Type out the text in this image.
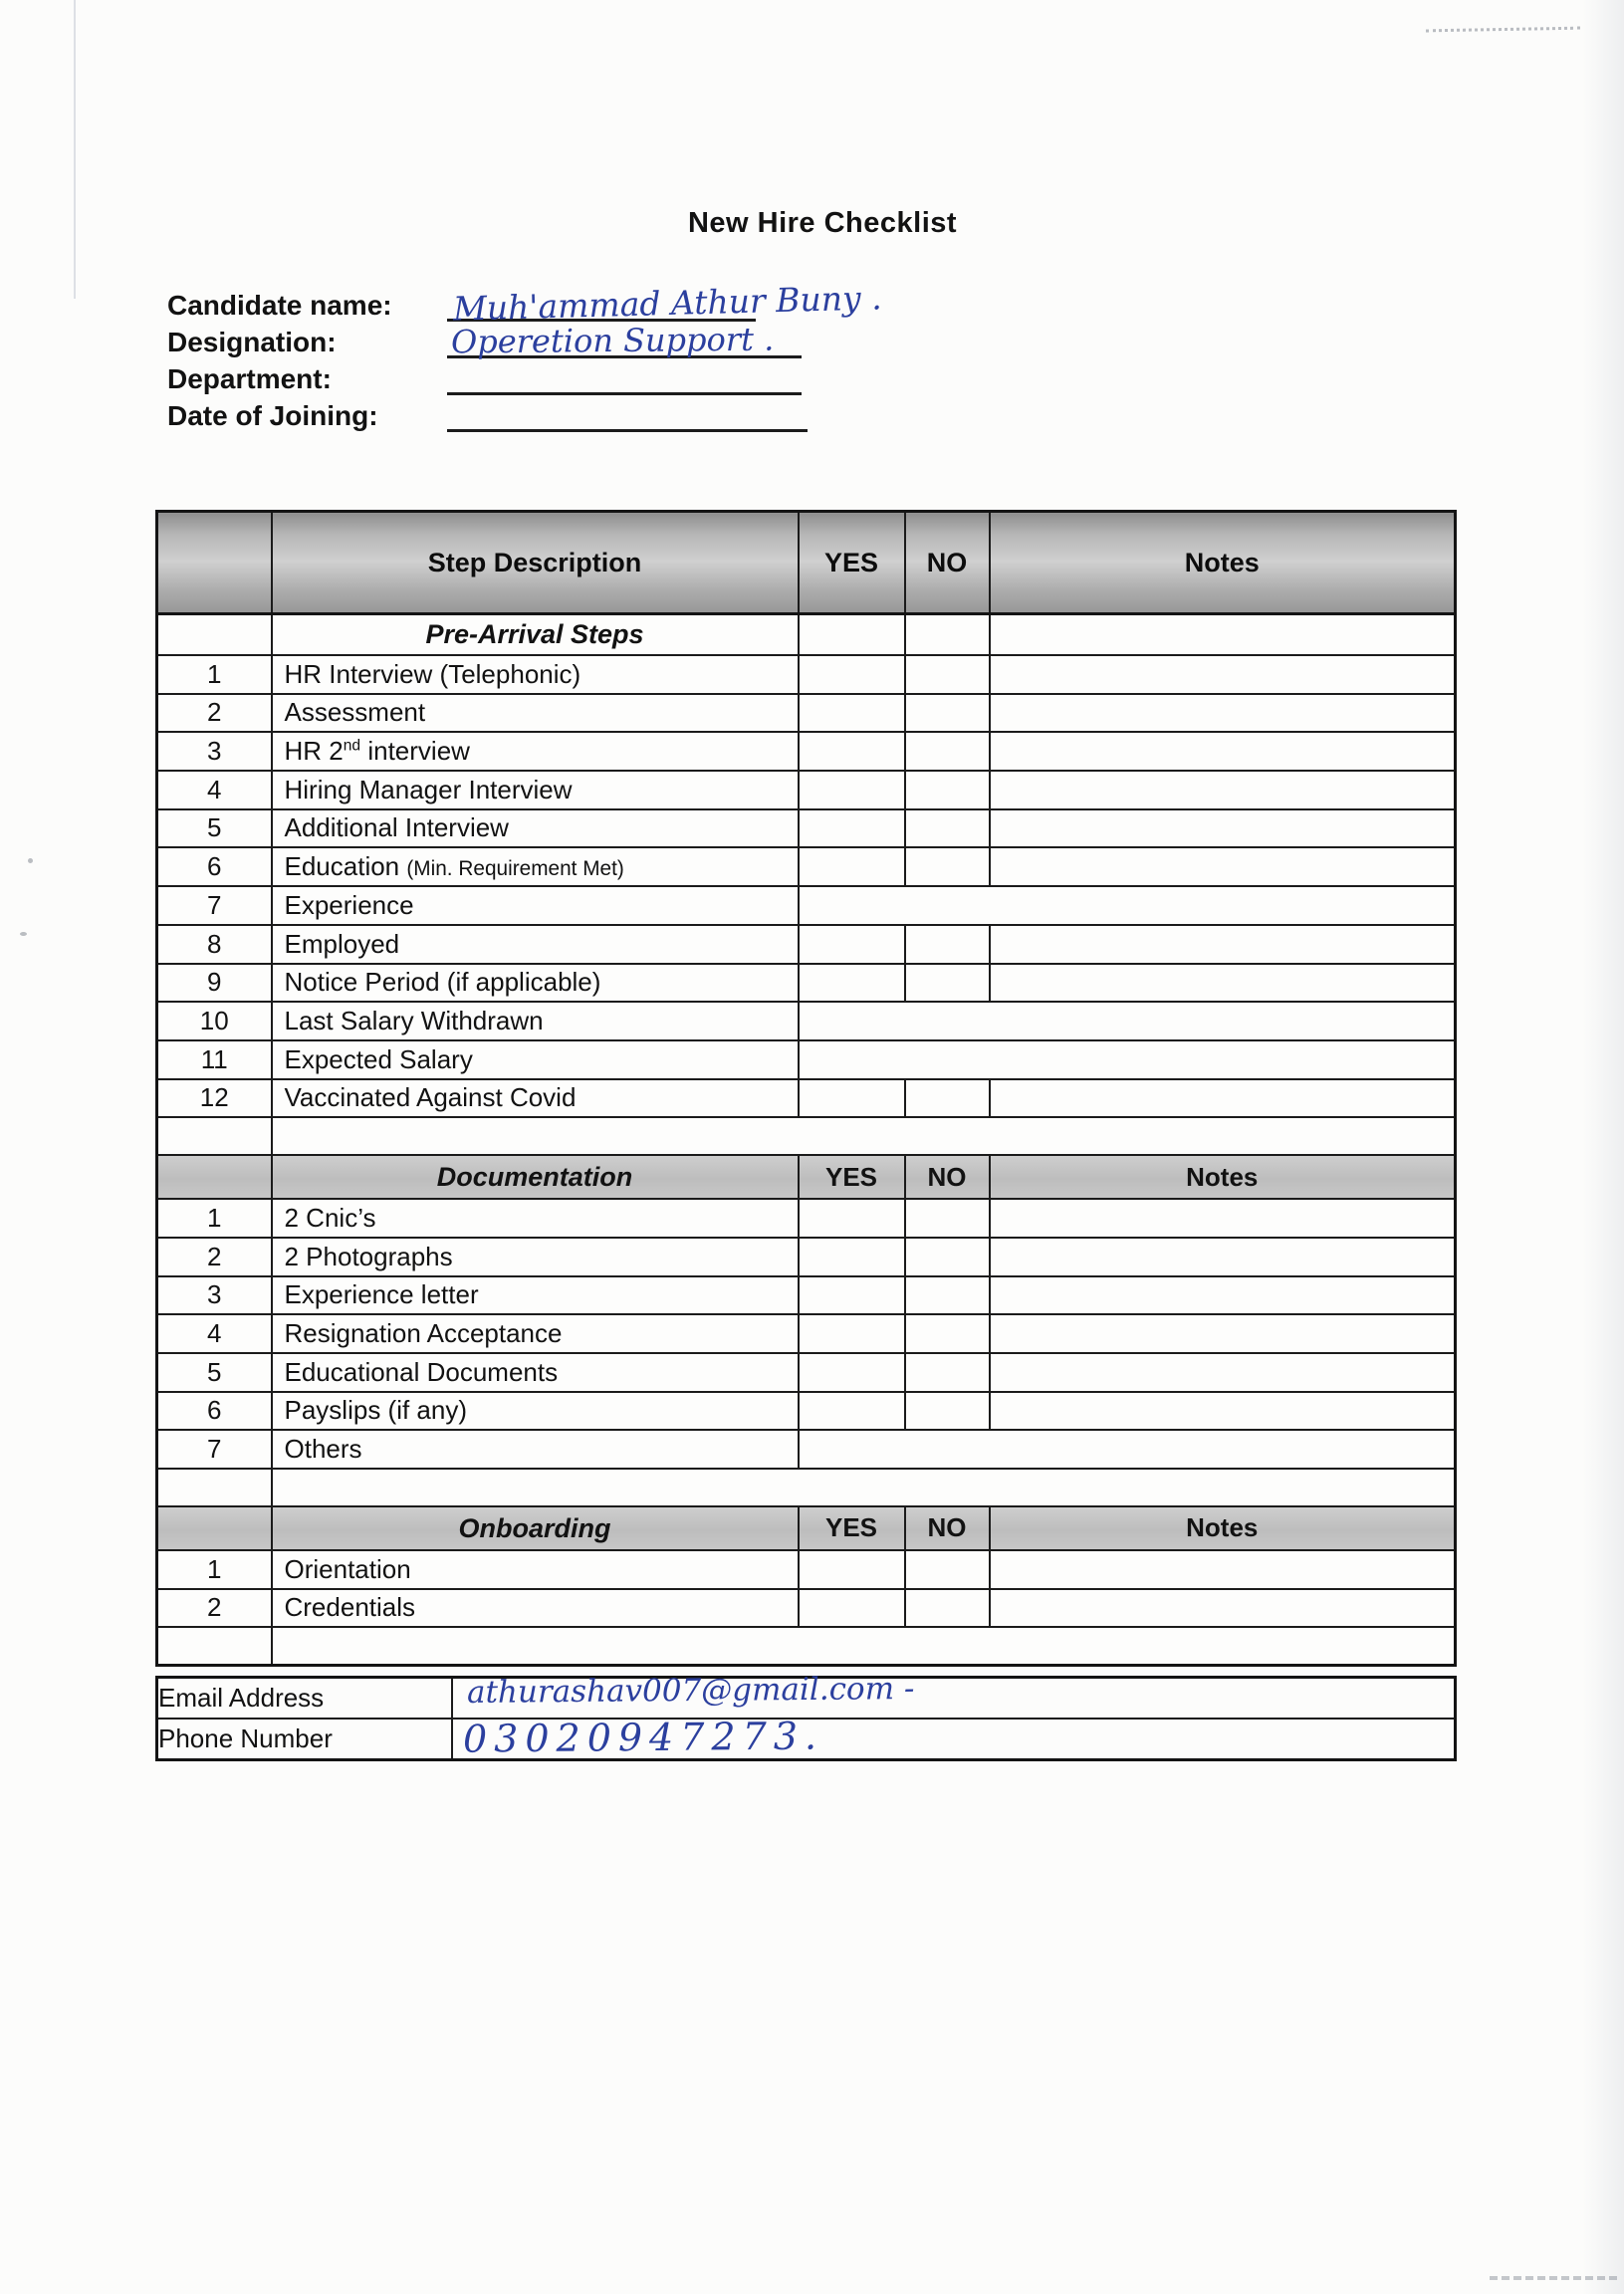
New Hire Checklist
Candidate name:	Muh'ammad Athur Buny .
Designation:	Operetion Support .
Department:
Date of Joining:
	Step Description	YES	NO	Notes
	Pre-Arrival Steps			
1	HR Interview (Telephonic)			
2	Assessment			
3	HR 2nd interview			
4	Hiring Manager Interview			
5	Additional Interview			
6	Education (Min. Requirement Met)			
7	Experience			
8	Employed			
9	Notice Period (if applicable)			
10	Last Salary Withdrawn			
11	Expected Salary			
12	Vaccinated Against Covid			

	Documentation	YES	NO	Notes
1	2 Cnic’s			
2	2 Photographs			
3	Experience letter			
4	Resignation Acceptance			
5	Educational Documents			
6	Payslips (if any)			
7	Others			

	Onboarding	YES	NO	Notes
1	Orientation			
2	Credentials			

Email Address	athurashav007@gmail.com -

Phone Number	03020947273.
